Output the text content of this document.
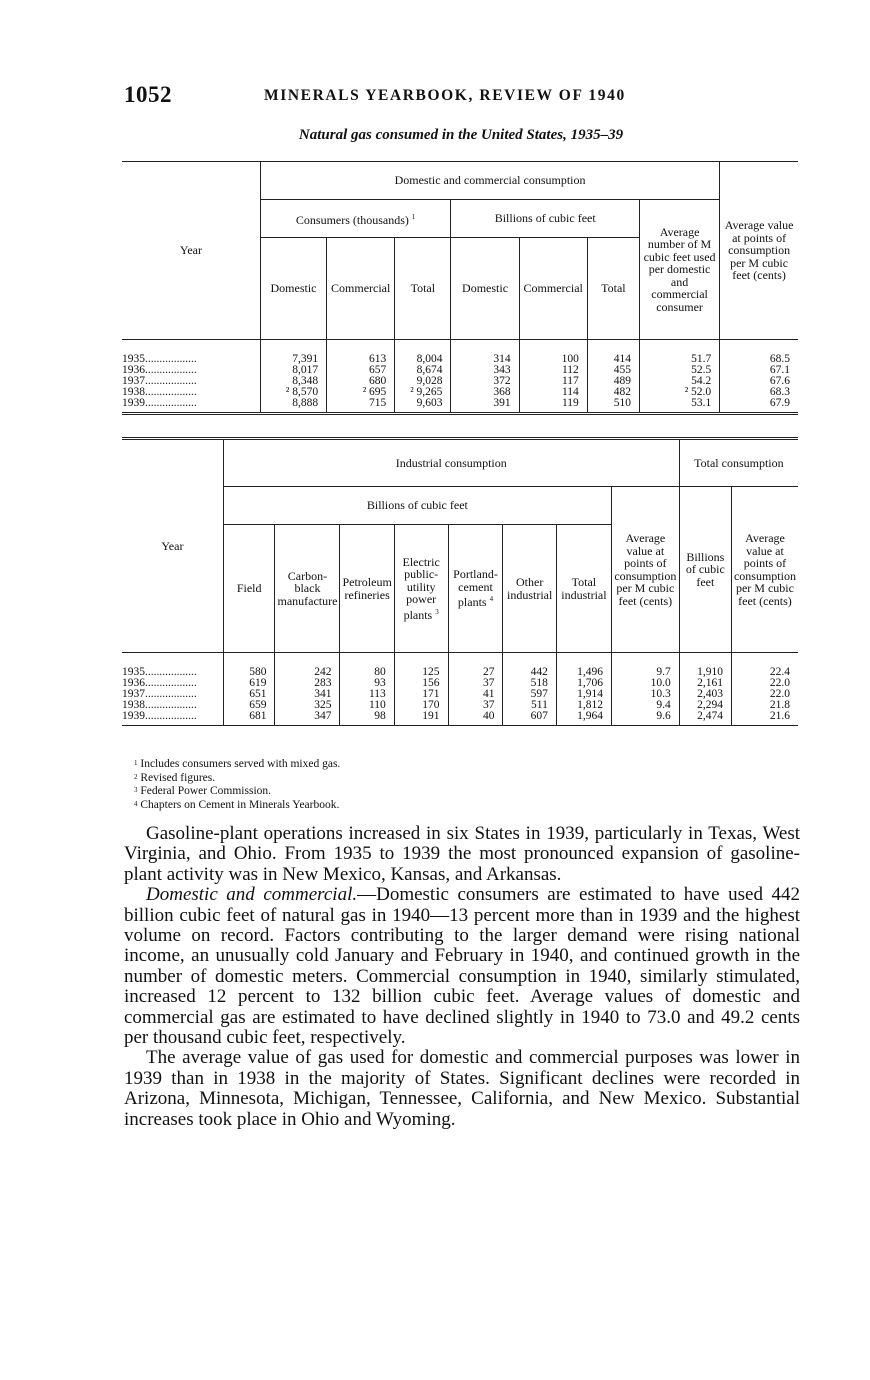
1052	MINERALS YEARBOOK, REVIEW OF 1940
Natural gas consumed in the United States, 1935–39
Year	Domestic and commercial consumption							Average value at points of consumption per M cubic feet (cents)
	Consumers (thousands) $^1$			Billions of cubic feet			Average number of M cubic feet used per domestic and commercial consumer	
	Domestic	Commercial	Total	Domestic	Commercial	Total		
1935..................	7,391	613	8,004	314	100	414	51.7	68.5
1936..................	8,017	657	8,674	343	112	455	52.5	67.1
1937..................	8,348	680	9,028	372	117	489	54.2	67.6
1938..................	² 8,570	² 695	² 9,265	368	114	482	² 52.0	68.3
1939..................	8,888	715	9,603	391	119	510	53.1	67.9
Year	Industrial consumption								Total consumption	
	Billions of cubic feet							Average value at points of consumption per M cubic feet (cents)	Billions of cubic feet	Average value at points of consumption per M cubic feet (cents)
	Field	Carbon-black manufacture	Petroleum refineries	Electric public-utility power plants $^3$	Portland-cement plants $^4$	Other industrial	Total industrial			
1935..................	580	242	80	125	27	442	1,496	9.7	1,910	22.4
1936..................	619	283	93	156	37	518	1,706	10.0	2,161	22.0
1937..................	651	341	113	171	41	597	1,914	10.3	2,403	22.0
1938..................	659	325	110	170	37	511	1,812	9.4	2,294	21.8
1939..................	681	347	98	191	40	607	1,964	9.6	2,474	21.6
$^1$ Includes consumers served with mixed gas.
$^2$ Revised figures.
$^3$ Federal Power Commission.
$^4$ Chapters on Cement in Minerals Yearbook.

Gasoline-plant operations increased in six States in 1939, particularly in Texas, West Virginia, and Ohio. From 1935 to 1939 the most pronounced expansion of gasoline-plant activity was in New Mexico, Kansas, and Arkansas.

Domestic and commercial.—Domestic consumers are estimated to have used 442 billion cubic feet of natural gas in 1940—13 percent more than in 1939 and the highest volume on record. Factors contributing to the larger demand were rising national income, an unusually cold January and February in 1940, and continued growth in the number of domestic meters. Commercial consumption in 1940, similarly stimulated, increased 12 percent to 132 billion cubic feet. Average values of domestic and commercial gas are estimated to have declined slightly in 1940 to 73.0 and 49.2 cents per thousand cubic feet, respectively.

The average value of gas used for domestic and commercial purposes was lower in 1939 than in 1938 in the majority of States. Significant declines were recorded in Arizona, Minnesota, Michigan, Tennessee, California, and New Mexico. Substantial increases took place in Ohio and Wyoming.
